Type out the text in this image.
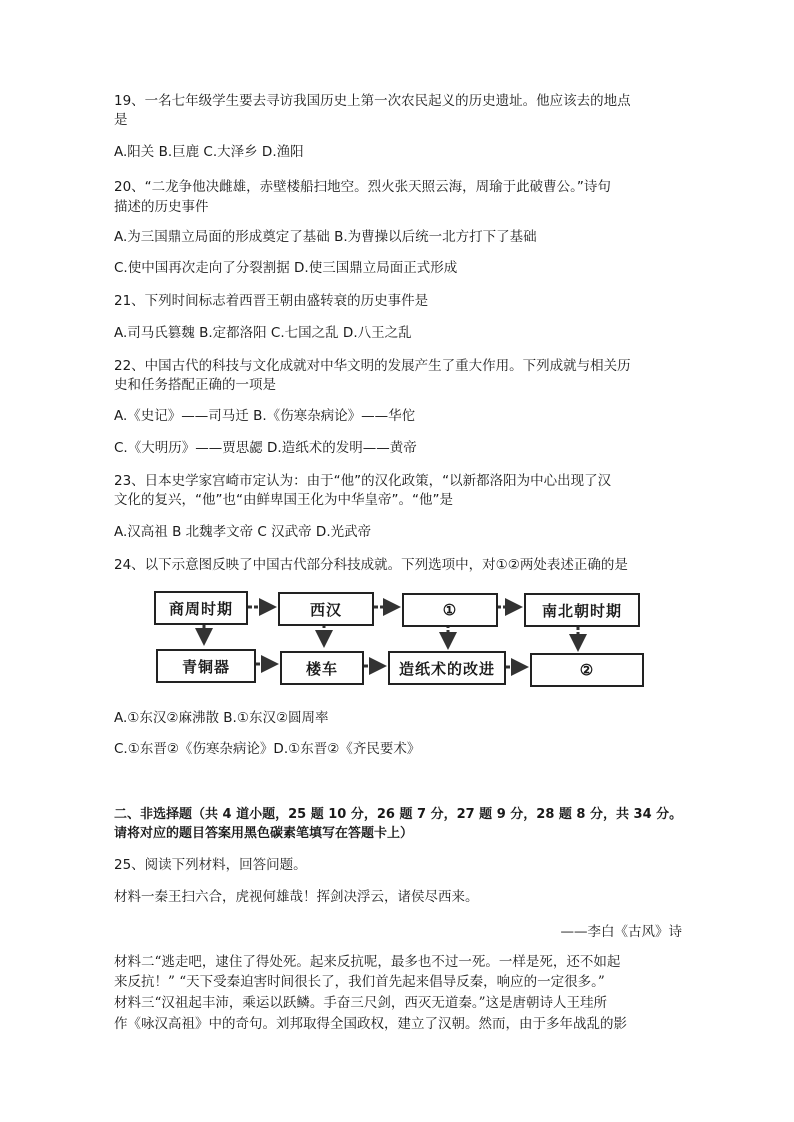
19、一名七年级学生要去寻访我国历史上第一次农民起义的历史遗址。他应该去的地点
是
A.阳关 B.巨鹿 C.大泽乡 D.渔阳
20、“二龙争他决雌雄，赤壁楼船扫地空。烈火张天照云海，周瑜于此破曹公。”诗句
描述的历史事件
A.为三国鼎立局面的形成奠定了基础 B.为曹操以后统一北方打下了基础
C.使中国再次走向了分裂割据 D.使三国鼎立局面正式形成
21、下列时间标志着西晋王朝由盛转衰的历史事件是
A.司马氏篡魏 B.定都洛阳 C.七国之乱 D.八王之乱
22、中国古代的科技与文化成就对中华文明的发展产生了重大作用。下列成就与相关历
史和任务搭配正确的一项是
A.《史记》——司马迁 B.《伤寒杂病论》——华佗
C.《大明历》——贾思勰 D.造纸术的发明——黄帝
23、日本史学家宫崎市定认为：由于“他”的汉化政策，“以新都洛阳为中心出现了汉
文化的复兴，“他”也“由鲜卑国王化为中华皇帝”。“他”是
A.汉高祖 B 北魏孝文帝 C 汉武帝 D.光武帝
24、以下示意图反映了中国古代部分科技成就。下列选项中，对①②两处表述正确的是
商周时期	西汉	①	南北朝时期
青铜器	楼车	造纸术的改进	②
A.①东汉②麻沸散 B.①东汉②圆周率
C.①东晋②《伤寒杂病论》D.①东晋②《齐民要术》
二、非选择题（共 4 道小题，25 题 10 分，26 题 7 分，27 题 9 分，28 题 8 分，共 34 分。
请将对应的题目答案用黑色碳素笔填写在答题卡上）
25、阅读下列材料，回答问题。
材料一秦王扫六合，虎视何雄哉！挥剑决浮云，诸侯尽西来。
——李白《古风》诗
材料二“逃走吧，逮住了得处死。起来反抗呢，最多也不过一死。一样是死，还不如起
来反抗！” “天下受秦迫害时间很长了，我们首先起来倡导反秦，响应的一定很多。”
材料三“汉祖起丰沛，乘运以跃鳞。手奋三尺剑，西灭无道秦。”这是唐朝诗人王珪所
作《咏汉高祖》中的奇句。刘邦取得全国政权，建立了汉朝。然而，由于多年战乱的影
